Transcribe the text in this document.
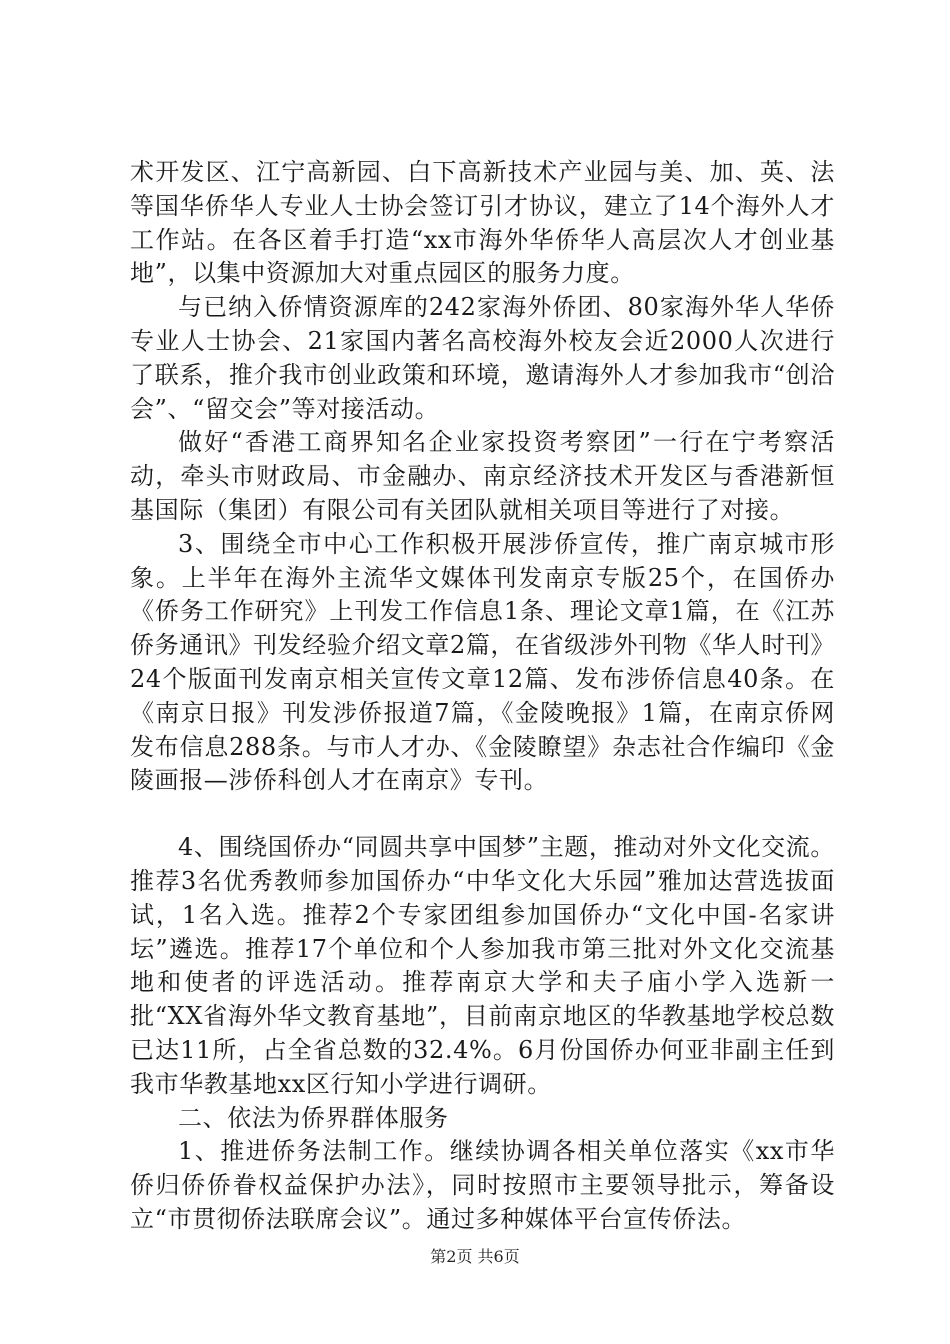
术开发区、江宁高新园、白下高新技术产业园与美、加、英、法等国华侨华人专业人士协会签订引才协议，建立了14个海外人才工作站。在各区着手打造“xx市海外华侨华人高层次人才创业基地”，以集中资源加大对重点园区的服务力度。

与已纳入侨情资源库的242家海外侨团、80家海外华人华侨专业人士协会、21家国内著名高校海外校友会近2000人次进行了联系，推介我市创业政策和环境，邀请海外人才参加我市“创洽会”、“留交会”等对接活动。

做好“香港工商界知名企业家投资考察团”一行在宁考察活动，牵头市财政局、市金融办、南京经济技术开发区与香港新恒基国际（集团）有限公司有关团队就相关项目等进行了对接。

3、围绕全市中心工作积极开展涉侨宣传，推广南京城市形象。上半年在海外主流华文媒体刊发南京专版25个，在国侨办《侨务工作研究》上刊发工作信息1条、理论文章1篇，在《江苏侨务通讯》刊发经验介绍文章2篇，在省级涉外刊物《华人时刊》24个版面刊发南京相关宣传文章12篇、发布涉侨信息40条。在《南京日报》刊发涉侨报道7篇，《金陵晚报》1篇，在南京侨网发布信息288条。与市人才办、《金陵瞭望》杂志社合作编印《金陵画报—涉侨科创人才在南京》专刊。

4、围绕国侨办“同圆共享中国梦”主题，推动对外文化交流。推荐3名优秀教师参加国侨办“中华文化大乐园”雅加达营选拔面试，1名入选。推荐2个专家团组参加国侨办“文化中国-名家讲坛”遴选。推荐17个单位和个人参加我市第三批对外文化交流基地和使者的评选活动。推荐南京大学和夫子庙小学入选新一批“XX省海外华文教育基地”，目前南京地区的华教基地学校总数已达11所，占全省总数的32.4%。6月份国侨办何亚非副主任到我市华教基地xx区行知小学进行调研。

二、依法为侨界群体服务

1、推进侨务法制工作。继续协调各相关单位落实《xx市华侨归侨侨眷权益保护办法》，同时按照市主要领导批示，筹备设立“市贯彻侨法联席会议”。通过多种媒体平台宣传侨法。

第2页 共6页
